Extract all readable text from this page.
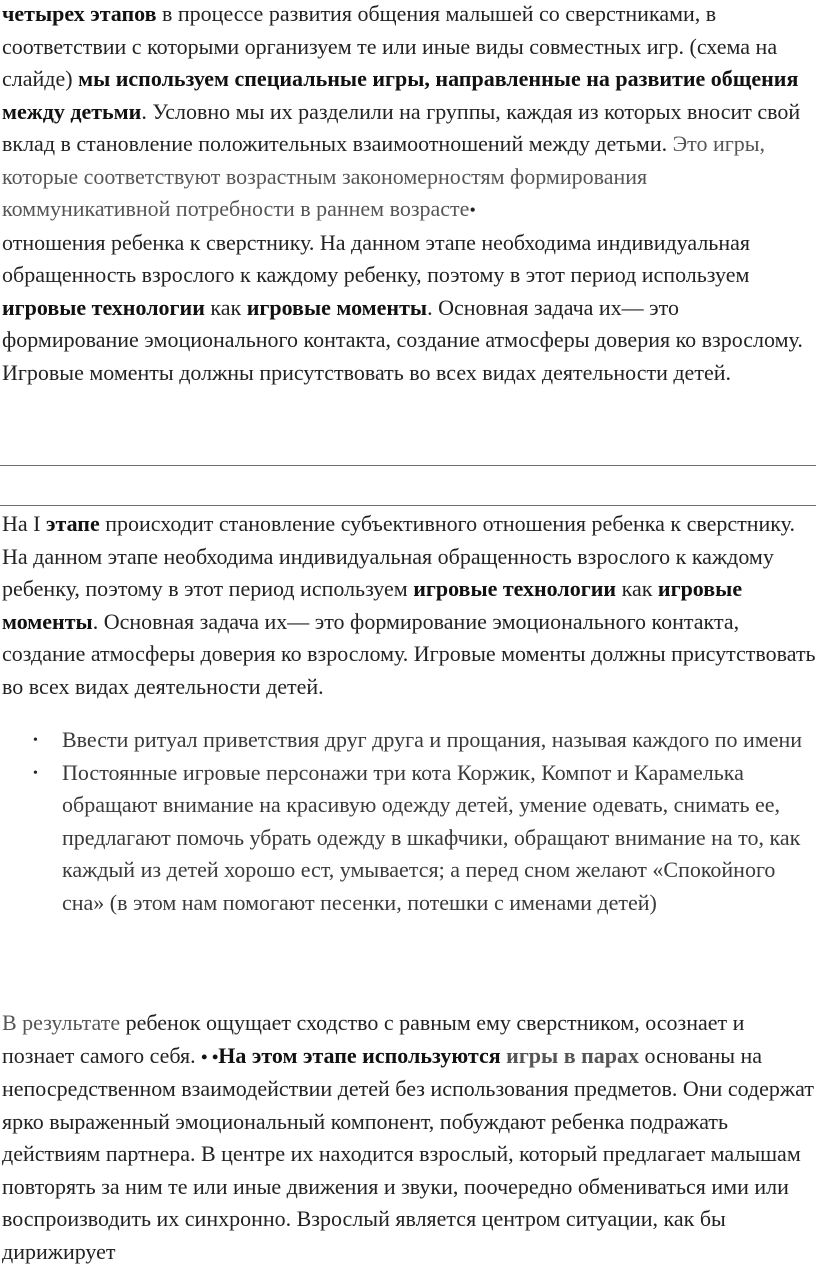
четырех этапов в процессе развития общения малышей со сверстниками, в соответствии с которыми организуем те или иные виды совместных игр. (схема на слайде) мы используем специальные игры, направленные на развитие общения между детьми. Условно мы их разделили на группы, каждая из которых вносит свой вклад в становление положительных взаимоотношений между детьми. Это игры, которые соответствуют возрастным закономерностям формирования коммуникативной потребности в раннем возрасте•
отношения ребенка к сверстнику. На данном этапе необходима индивидуальная обращенность взрослого к каждому ребенку, поэтому в этот период используем игровые технологии как игровые моменты. Основная задача их— это формирование эмоционального контакта, создание атмосферы доверия ко взрослому. Игровые моменты должны присутствовать во всех видах деятельности детей.

На I этапе происходит становление субъективного отношения ребенка к сверстнику. На данном этапе необходима индивидуальная обращенность взрослого к каждому ребенку, поэтому в этот период используем игровые технологии как игровые моменты. Основная задача их— это формирование эмоционального контакта, создание атмосферы доверия ко взрослому. Игровые моменты должны присутствовать во всех видах деятельности детей.

• Ввести ритуал приветствия друг друга и прощания, называя каждого по имени
• Постоянные игровые персонажи три кота Коржик, Компот и Карамелька обращают внимание на красивую одежду детей, умение одевать, снимать ее, предлагают помочь убрать одежду в шкафчики, обращают внимание на то, как каждый из детей хорошо ест, умывается; а перед сном желают «Спокойного сна» (в этом нам помогают песенки, потешки с именами детей)

В результате ребенок ощущает сходство с равным ему сверстником, осознает и познает самого себя. • •На этом этапе используются игры в парах основаны на непосредственном взаимодействии детей без использования предметов. Они содержат ярко выраженный эмоциональный компонент, побуждают ребенка подражать действиям партнера. В центре их находится взрослый, который предлагает малышам повторять за ним те или иные движения и звуки, поочередно обмениваться ими или воспроизводить их синхронно. Взрослый является центром ситуации, как бы дирижирует
